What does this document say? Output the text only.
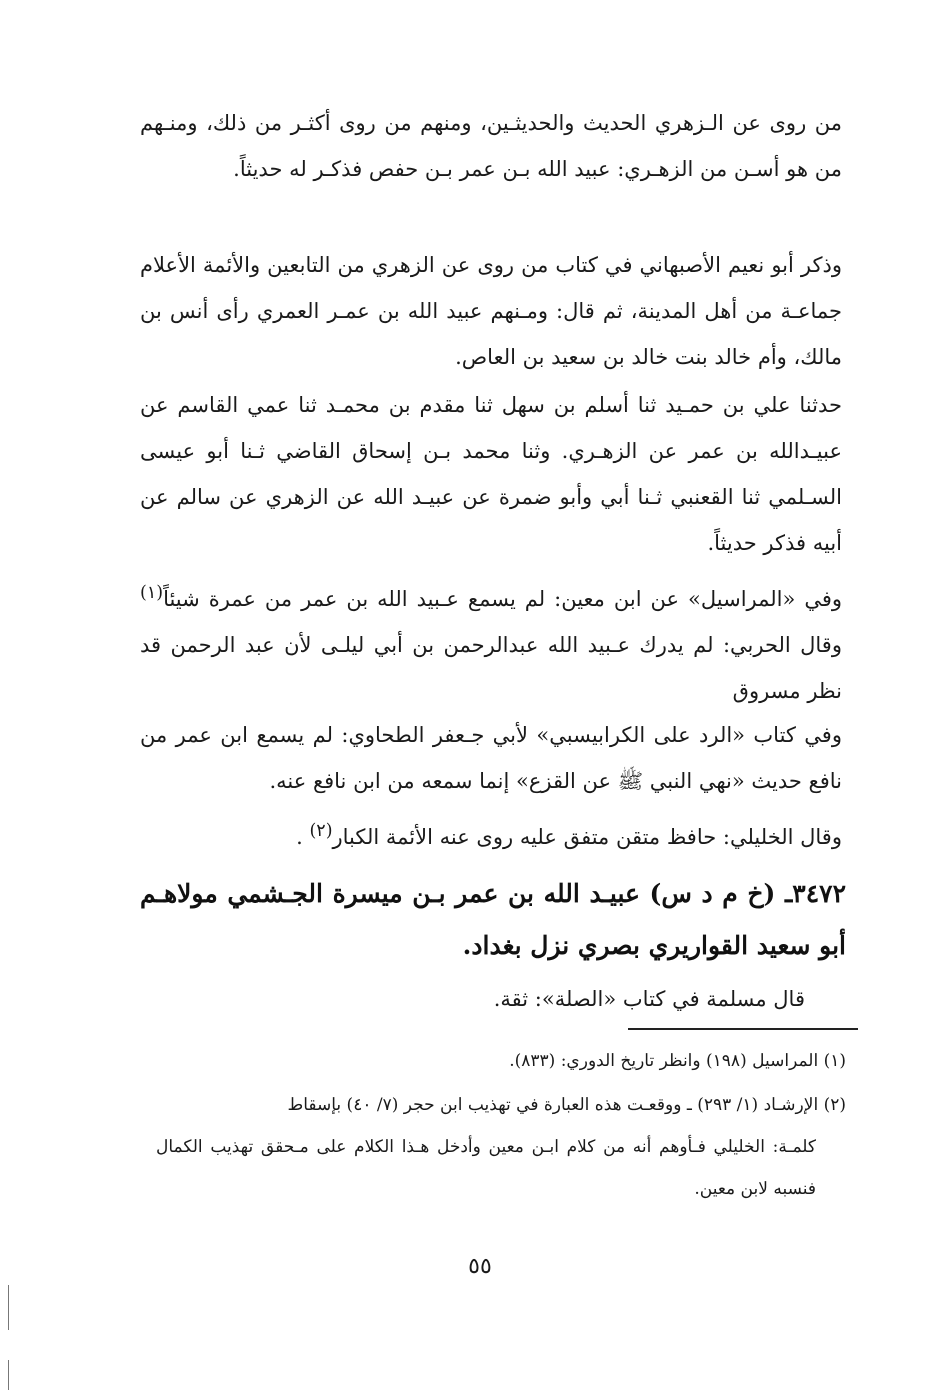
من روى عن الـزهري الحديث والحديثـين، ومنهم من روى أكثـر من ذلك، ومنـهم من هو أسـن من الزهـري: عبيد الله بـن عمر بـن حفص فذكـر له حديثاً.

وذكر أبو نعيم الأصبهاني في كتاب من روى عن الزهري من التابعين والأئمة الأعلام جماعـة من أهل المدينة، ثم قال: ومـنهم عبيد الله بن عمـر العمري رأى أنس بن مالك، وأم خالد بنت خالد بن سعيد بن العاص.

حدثنا علي بن حمـيد ثنا أسلم بن سهل ثنا مقدم بن محمـد ثنا عمي القاسم عن عبيـدالله بن عمر عن الزهـري. وثنا محمد بـن إسحاق القاضي ثـنا أبو عيسى السـلمي ثنا القعنبي ثـنا أبي وأبو ضمرة عن عبيـد الله عن الزهري عن سالم عن أبيه فذكر حديثاً.

وفي «المراسيل» عن ابن معين: لم يسمع عـبيد الله بن عمر من عمرة شيئاً$^{(١)}$ وقال الحربي: لم يدرك عـبيد الله عبدالرحمن بن أبي ليلـى لأن عبد الرحمن قد نظر مسروق

وفي كتاب «الرد على الكرابيسبي» لأبي جـعفر الطحاوي: لم يسمع ابن عمر من نافع حديث «نهي النبي ﷺ عن القزع» إنما سمعه من ابن نافع عنه.

وقال الخليلي: حافظ متقن متفق عليه روى عنه الأئمة الكبار$^{(٢)}$ .

٣٤٧٢ـ (خ م د س) عبيـد الله بن عمر بـن ميسرة الجـشمي مولاهـم أبو سعيد القواريري بصري نزل بغداد.

قال مسلمة في كتاب «الصلة»: ثقة.

(١) المراسيل (١٩٨) وانظر تاريخ الدوري: (٨٣٣).

(٢) الإرشـاد (١/ ٢٩٣) ـ ووقعـت هذه العبارة في تهذيب ابن حجر (٧/ ٤٠) بإسقاط
كلمـة: الخليلي فـأوهم أنه من كلام ابـن معين وأدخل هـذا الكلام على مـحقق تهذيب الكمال فنسبه لابن معين.

٥٥
